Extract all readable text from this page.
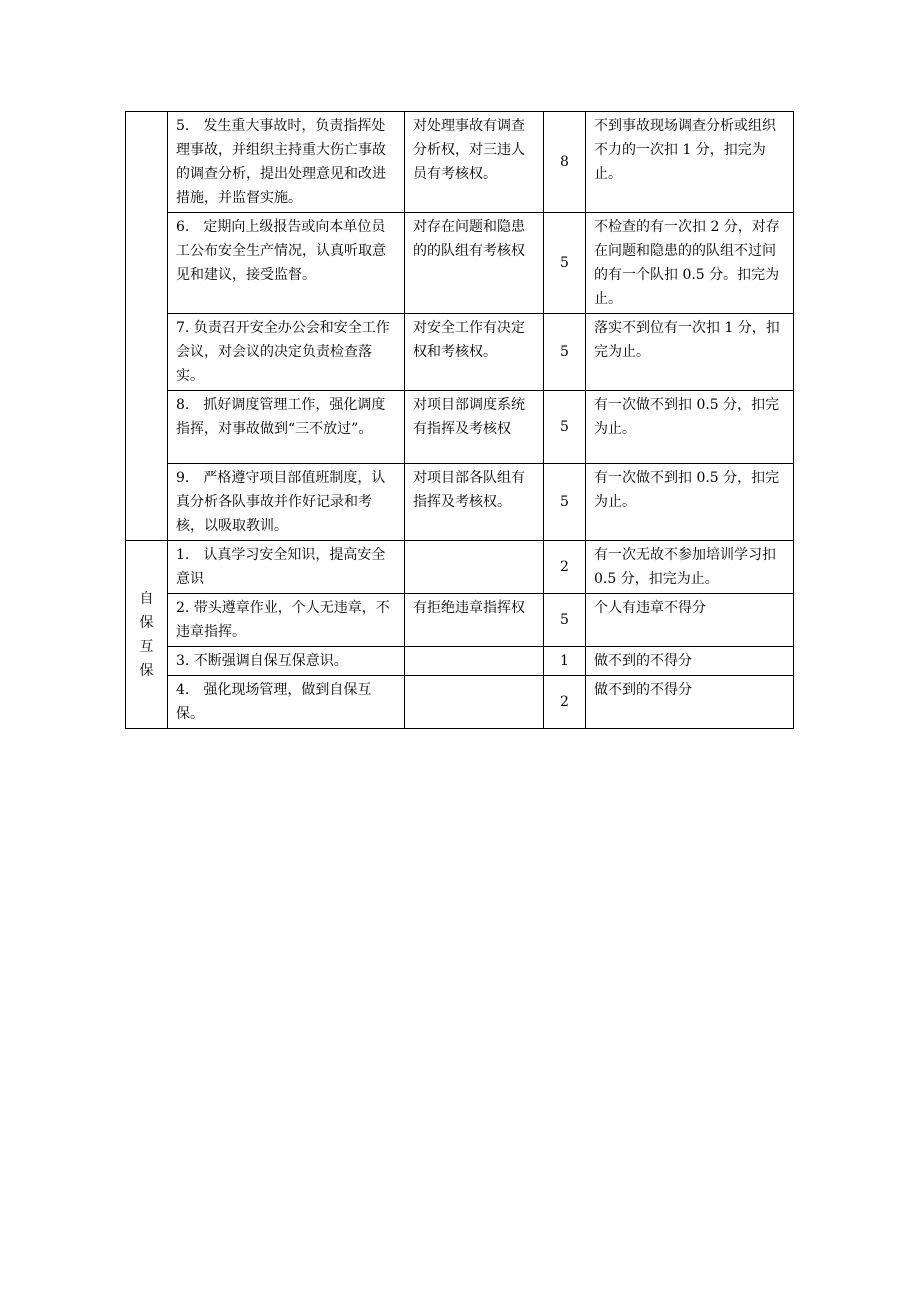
	5.　发生重大事故时，负责指挥处理事故，并组织主持重大伤亡事故的调查分析，提出处理意见和改进措施，并监督实施。	对处理事故有调查分析权，对三违人员有考核权。	8	不到事故现场调查分析或组织不力的一次扣 1 分，扣完为止。
	6.　定期向上级报告或向本单位员工公布安全生产情况，认真听取意见和建议，接受监督。	对存在问题和隐患的的队组有考核权	5	不检查的有一次扣 2 分，对存在问题和隐患的的队组不过问的有一个队扣 0.5 分。扣完为止。
	7. 负责召开安全办公会和安全工作会议，对会议的决定负责检查落实。	对安全工作有决定权和考核权。	5	落实不到位有一次扣 1 分，扣完为止。
	8.　抓好调度管理工作，强化调度指挥，对事故做到“三不放过”。	对项目部调度系统有指挥及考核权	5	有一次做不到扣 0.5 分，扣完为止。
	9.　严格遵守项目部值班制度，认真分析各队事故并作好记录和考核，以吸取教训。	对项目部各队组有指挥及考核权。	5	有一次做不到扣 0.5 分，扣完为止。
自保互保	1.　认真学习安全知识，提高安全意识		2	有一次无故不参加培训学习扣 0.5 分，扣完为止。
	2. 带头遵章作业，个人无违章，不违章指挥。	有拒绝违章指挥权	5	个人有违章不得分
	3. 不断强调自保互保意识。		1	做不到的不得分
	4.　强化现场管理，做到自保互保。		2	做不到的不得分
